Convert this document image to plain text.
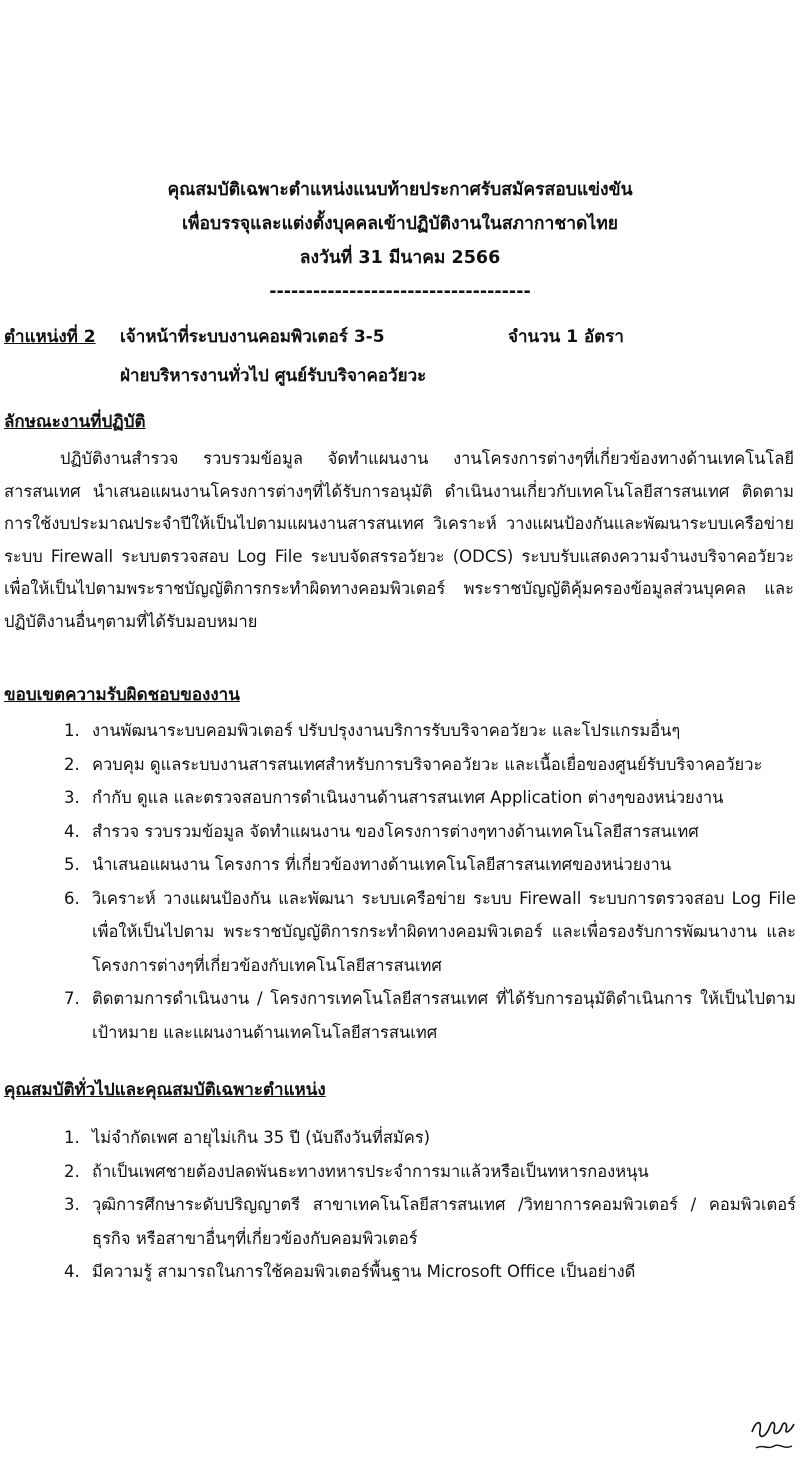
คุณสมบัติเฉพาะตำแหน่งแนบท้ายประกาศรับสมัครสอบแข่งขัน
เพื่อบรรจุและแต่งตั้งบุคคลเข้าปฏิบัติงานในสภากาชาดไทย
ลงวันที่ 31 มีนาคม 2566
------------------------------------
ตำแหน่งที่ 2 เจ้าหน้าที่ระบบงานคอมพิวเตอร์ 3-5	จำนวน 1 อัตรา
ฝ่ายบริหารงานทั่วไป ศูนย์รับบริจาคอวัยวะ
ลักษณะงานที่ปฏิบัติ
ปฏิบัติงานสำรวจ รวบรวมข้อมูล จัดทำแผนงาน งานโครงการต่างๆที่เกี่ยวข้องทางด้านเทคโนโลยีสารสนเทศ นำเสนอแผนงานโครงการต่างๆที่ได้รับการอนุมัติ ดำเนินงานเกี่ยวกับเทคโนโลยีสารสนเทศ ติดตามการใช้งบประมาณประจำปีให้เป็นไปตามแผนงานสารสนเทศ วิเคราะห์ วางแผนป้องกันและพัฒนาระบบเครือข่ายระบบ Firewall ระบบตรวจสอบ Log File ระบบจัดสรรอวัยวะ (ODCS) ระบบรับแสดงความจำนงบริจาคอวัยวะ เพื่อให้เป็นไปตามพระราชบัญญัติการกระทำผิดทางคอมพิวเตอร์ พระราชบัญญัติคุ้มครองข้อมูลส่วนบุคคล และปฏิบัติงานอื่นๆตามที่ได้รับมอบหมาย
ขอบเขตความรับผิดชอบของงาน
1. งานพัฒนาระบบคอมพิวเตอร์ ปรับปรุงงานบริการรับบริจาคอวัยวะ และโปรแกรมอื่นๆ
2. ควบคุม ดูแลระบบงานสารสนเทศสำหรับการบริจาคอวัยวะ และเนื้อเยื่อของศูนย์รับบริจาคอวัยวะ
3. กำกับ ดูแล และตรวจสอบการดำเนินงานด้านสารสนเทศ Application ต่างๆของหน่วยงาน
4. สำรวจ รวบรวมข้อมูล จัดทำแผนงาน ของโครงการต่างๆทางด้านเทคโนโลยีสารสนเทศ
5. นำเสนอแผนงาน โครงการ ที่เกี่ยวข้องทางด้านเทคโนโลยีสารสนเทศของหน่วยงาน
6. วิเคราะห์ วางแผนป้องกัน และพัฒนา ระบบเครือข่าย ระบบ Firewall ระบบการตรวจสอบ Log File เพื่อให้เป็นไปตาม พระราชบัญญัติการกระทำผิดทางคอมพิวเตอร์ และเพื่อรองรับการพัฒนางาน และโครงการต่างๆที่เกี่ยวข้องกับเทคโนโลยีสารสนเทศ
7. ติดตามการดำเนินงาน / โครงการเทคโนโลยีสารสนเทศ ที่ได้รับการอนุมัติดำเนินการ ให้เป็นไปตามเป้าหมาย และแผนงานด้านเทคโนโลยีสารสนเทศ
คุณสมบัติทั่วไปและคุณสมบัติเฉพาะตำแหน่ง
1. ไม่จำกัดเพศ อายุไม่เกิน 35 ปี (นับถึงวันที่สมัคร)
2. ถ้าเป็นเพศชายต้องปลดพันธะทางทหารประจำการมาแล้วหรือเป็นทหารกองหนุน
3. วุฒิการศึกษาระดับปริญญาตรี สาขาเทคโนโลยีสารสนเทศ /วิทยาการคอมพิวเตอร์ / คอมพิวเตอร์ธุรกิจ หรือสาขาอื่นๆที่เกี่ยวข้องกับคอมพิวเตอร์
4. มีความรู้ สามารถในการใช้คอมพิวเตอร์พื้นฐาน Microsoft Office เป็นอย่างดี
